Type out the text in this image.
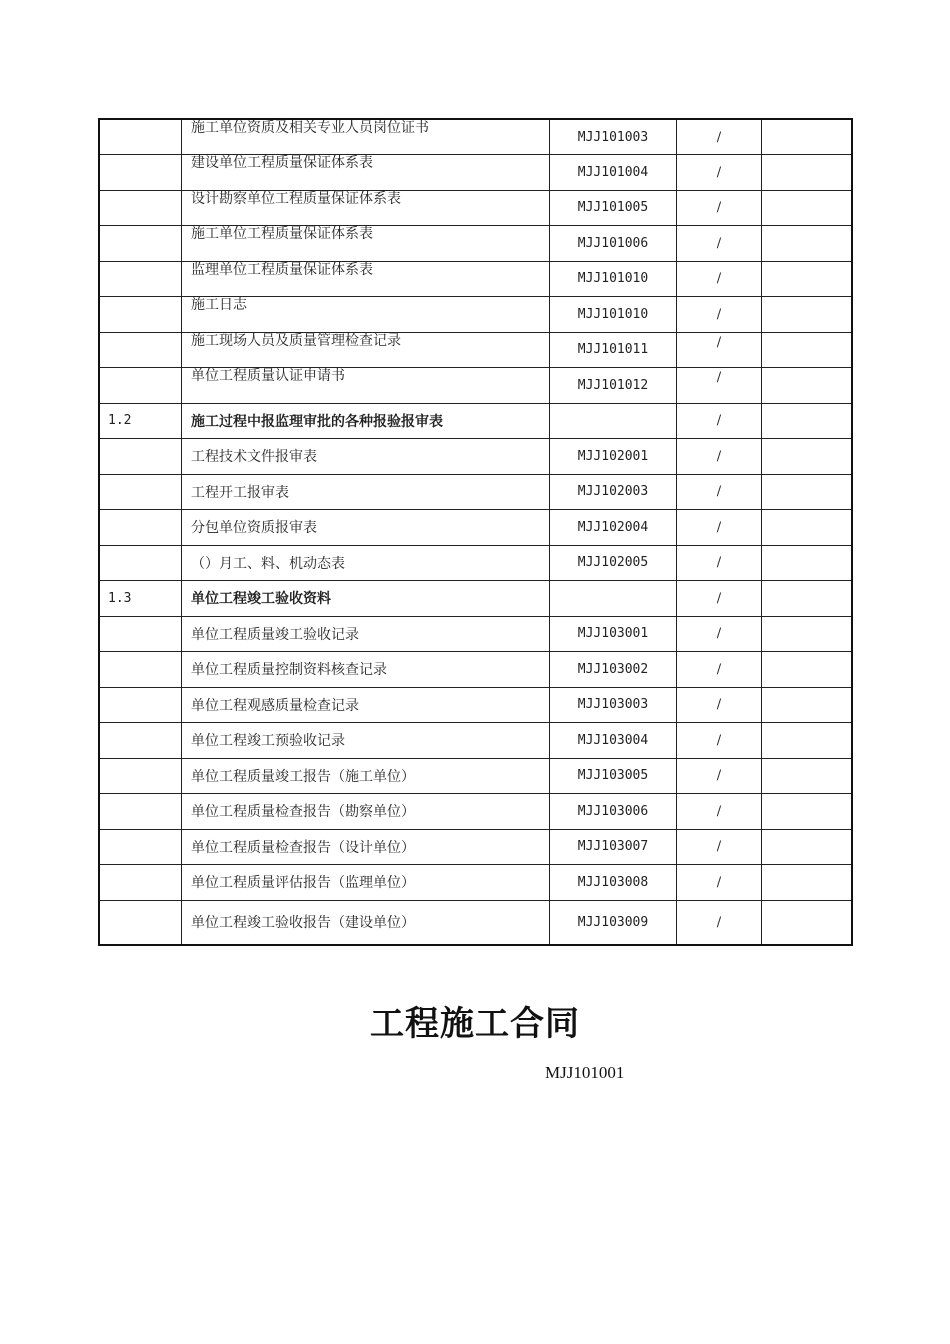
	施工单位资质及相关专业人员岗位证书	MJJ101003	/	
	建设单位工程质量保证体系表	MJJ101004	/	
	设计勘察单位工程质量保证体系表	MJJ101005	/	
	施工单位工程质量保证体系表	MJJ101006	/	
	监理单位工程质量保证体系表	MJJ101010	/	
	施工日志	MJJ101010	/	
	施工现场人员及质量管理检查记录	MJJ101011	/	
	单位工程质量认证申请书	MJJ101012	/	
1.2	施工过程中报监理审批的各种报验报审表		/	
	工程技术文件报审表	MJJ102001	/	
	工程开工报审表	MJJ102003	/	
	分包单位资质报审表	MJJ102004	/	
	（）月工、料、机动态表	MJJ102005	/	
1.3	单位工程竣工验收资料		/	
	单位工程质量竣工验收记录	MJJ103001	/	
	单位工程质量控制资料核查记录	MJJ103002	/	
	单位工程观感质量检查记录	MJJ103003	/	
	单位工程竣工预验收记录	MJJ103004	/	
	单位工程质量竣工报告（施工单位）	MJJ103005	/	
	单位工程质量检查报告（勘察单位）	MJJ103006	/	
	单位工程质量检查报告（设计单位）	MJJ103007	/	
	单位工程质量评估报告（监理单位）	MJJ103008	/	
	单位工程竣工验收报告（建设单位）	MJJ103009	/	
工程施工合同
MJJ101001
